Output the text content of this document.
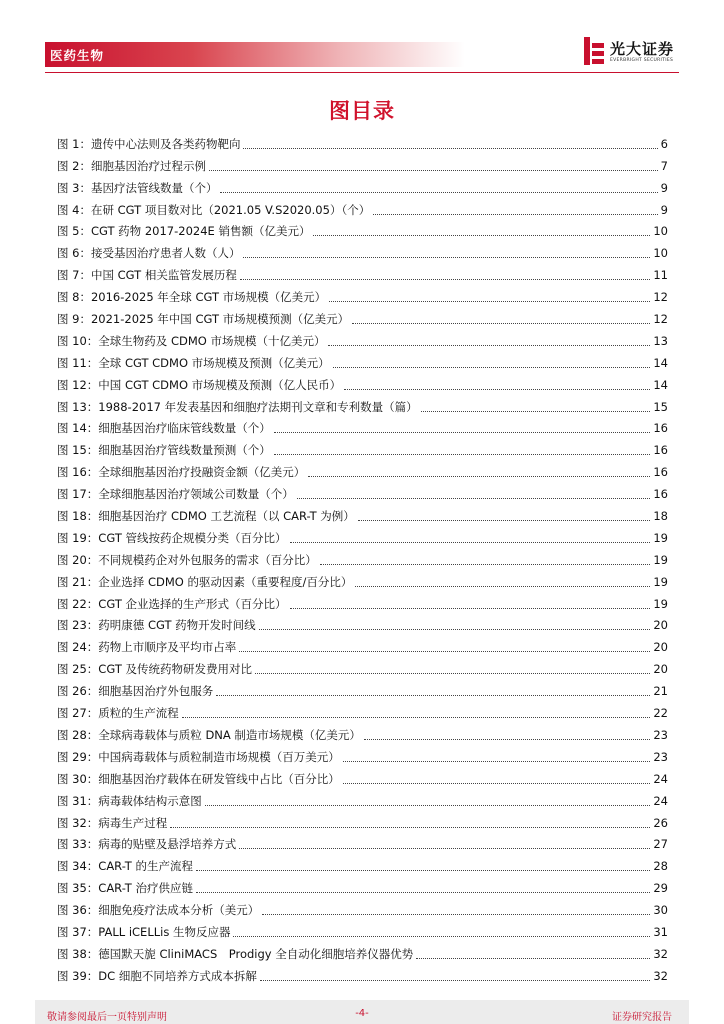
医药生物	光大证券
EVERBRIGHT SECURITIES
图目录
图 1：遗传中心法则及各类药物靶向	6
图 2：细胞基因治疗过程示例	7
图 3：基因疗法管线数量（个）	9
图 4：在研 CGT 项目数对比（2021.05 V.S2020.05）（个）	9
图 5：CGT 药物 2017-2024E 销售额（亿美元）	10
图 6：接受基因治疗患者人数（人）	10
图 7：中国 CGT 相关监管发展历程	11
图 8：2016-2025 年全球 CGT 市场规模（亿美元）	12
图 9：2021-2025 年中国 CGT 市场规模预测（亿美元）	12
图 10：全球生物药及 CDMO 市场规模（十亿美元）	13
图 11：全球 CGT CDMO 市场规模及预测（亿美元）	14
图 12：中国 CGT CDMO 市场规模及预测（亿人民币）	14
图 13：1988-2017 年发表基因和细胞疗法期刊文章和专利数量（篇）	15
图 14：细胞基因治疗临床管线数量（个）	16
图 15：细胞基因治疗管线数量预测（个）	16
图 16：全球细胞基因治疗投融资金额（亿美元）	16
图 17：全球细胞基因治疗领域公司数量（个）	16
图 18：细胞基因治疗 CDMO 工艺流程（以 CAR-T 为例）	18
图 19：CGT 管线按药企规模分类（百分比）	19
图 20：不同规模药企对外包服务的需求（百分比）	19
图 21：企业选择 CDMO 的驱动因素（重要程度/百分比）	19
图 22：CGT 企业选择的生产形式（百分比）	19
图 23：药明康德 CGT 药物开发时间线	20
图 24：药物上市顺序及平均市占率	20
图 25：CGT 及传统药物研发费用对比	20
图 26：细胞基因治疗外包服务	21
图 27：质粒的生产流程	22
图 28：全球病毒载体与质粒 DNA 制造市场规模（亿美元）	23
图 29：中国病毒载体与质粒制造市场规模（百万美元）	23
图 30：细胞基因治疗载体在研发管线中占比（百分比）	24
图 31：病毒载体结构示意图	24
图 32：病毒生产过程	26
图 33：病毒的贴壁及悬浮培养方式	27
图 34：CAR-T 的生产流程	28
图 35：CAR-T 治疗供应链	29
图 36：细胞免疫疗法成本分析（美元）	30
图 37：PALL iCELLis 生物反应器	31
图 38：德国默天旎 CliniMACS　Prodigy 全自动化细胞培养仪器优势	32
图 39：DC 细胞不同培养方式成本拆解	32
敬请参阅最后一页特别声明	-4-	证券研究报告
